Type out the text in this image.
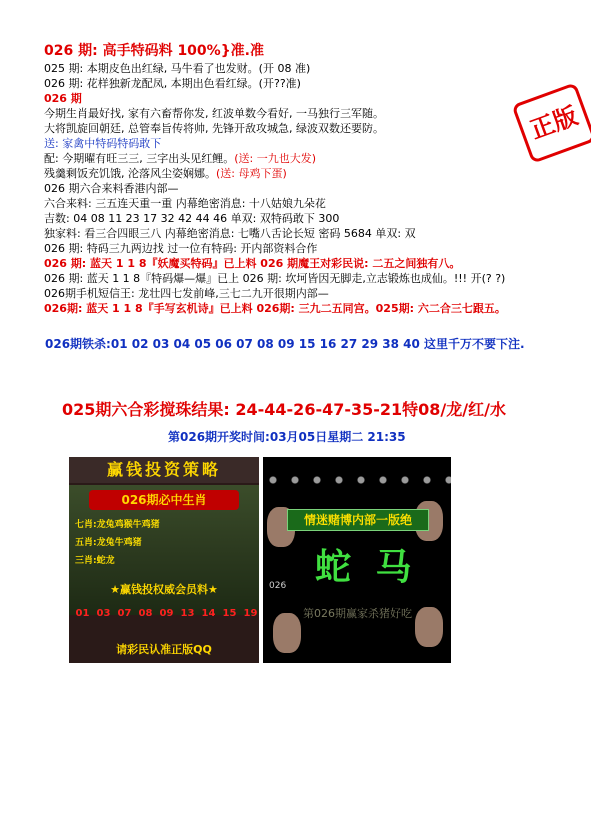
026 期: 高手特码料 100%}准.准
正版
025 期: 本期皮色出红绿, 马牛看了也发财。(开 08 准)
026 期: 花样独新龙配凤, 本期出色看红绿。(开??准)
026 期
今期生肖最好找, 家有六畜帮你发, 红波单数今看好, 一马独行三军随。
大将凯旋回朝廷, 总管奉旨传将帅, 先锋开敌攻城急, 绿波双数还要防。
送: 家禽中特码特码敢下
配: 今期曜有旺三三, 三字出头见红鲤。(送: 一九也大发)
残羹剩饭充饥饿, 沦落风尘姿娴娜。(送: 母鸡下蛋)
026 期六合来料香港内部—
六合来料: 三五连天重一重 内幕绝密消息: 十八姑娘九朵花
吉数: 04 08 11 23 17 32 42 44 46 单双: 双特码敢下 300
独家料: 看三合四眼三八 内幕绝密消息: 七嘴八舌论长短 密码 5684 单双: 双
026 期: 特码三九两边找 过一位有特码: 开内部资料合作
026 期: 蓝天 1 1 8『妖魔买特码』已上料 026 期魔王对彩民说: 二五之间独有八。
026 期: 蓝天 1 1 8『特码爆—爆』已上 026 期: 坎坷皆因无脚走,立志锻炼也成仙。!!! 开(? ?)
026期手机短信王: 龙壮四七发前峰,三七二九开很期内部—
026期: 蓝天 1 1 8『手写玄机诗』已上料 026期: 三九二五同宫。025期: 六二合三七跟五。
026期铁杀:01 02 03 04 05 06 07 08 09 15 16 27 29 38 40 这里千万不要下注.
025期六合彩搅珠结果: 24-44-26-47-35-21特08/龙/红/水
第026期开奖时间:03月05日星期二 21:35
赢钱投资策略
026期必中生肖
七肖:龙兔鸡猴牛鸡猪
五肖:龙兔牛鸡猪
三肖:蛇龙
★赢钱投权威会员料★
01 03 07 08 09 13 14 15 19
请彩民认准正版QQ
情迷赌博内部一版绝
蛇 马
026
第026期赢家杀猪好吃
